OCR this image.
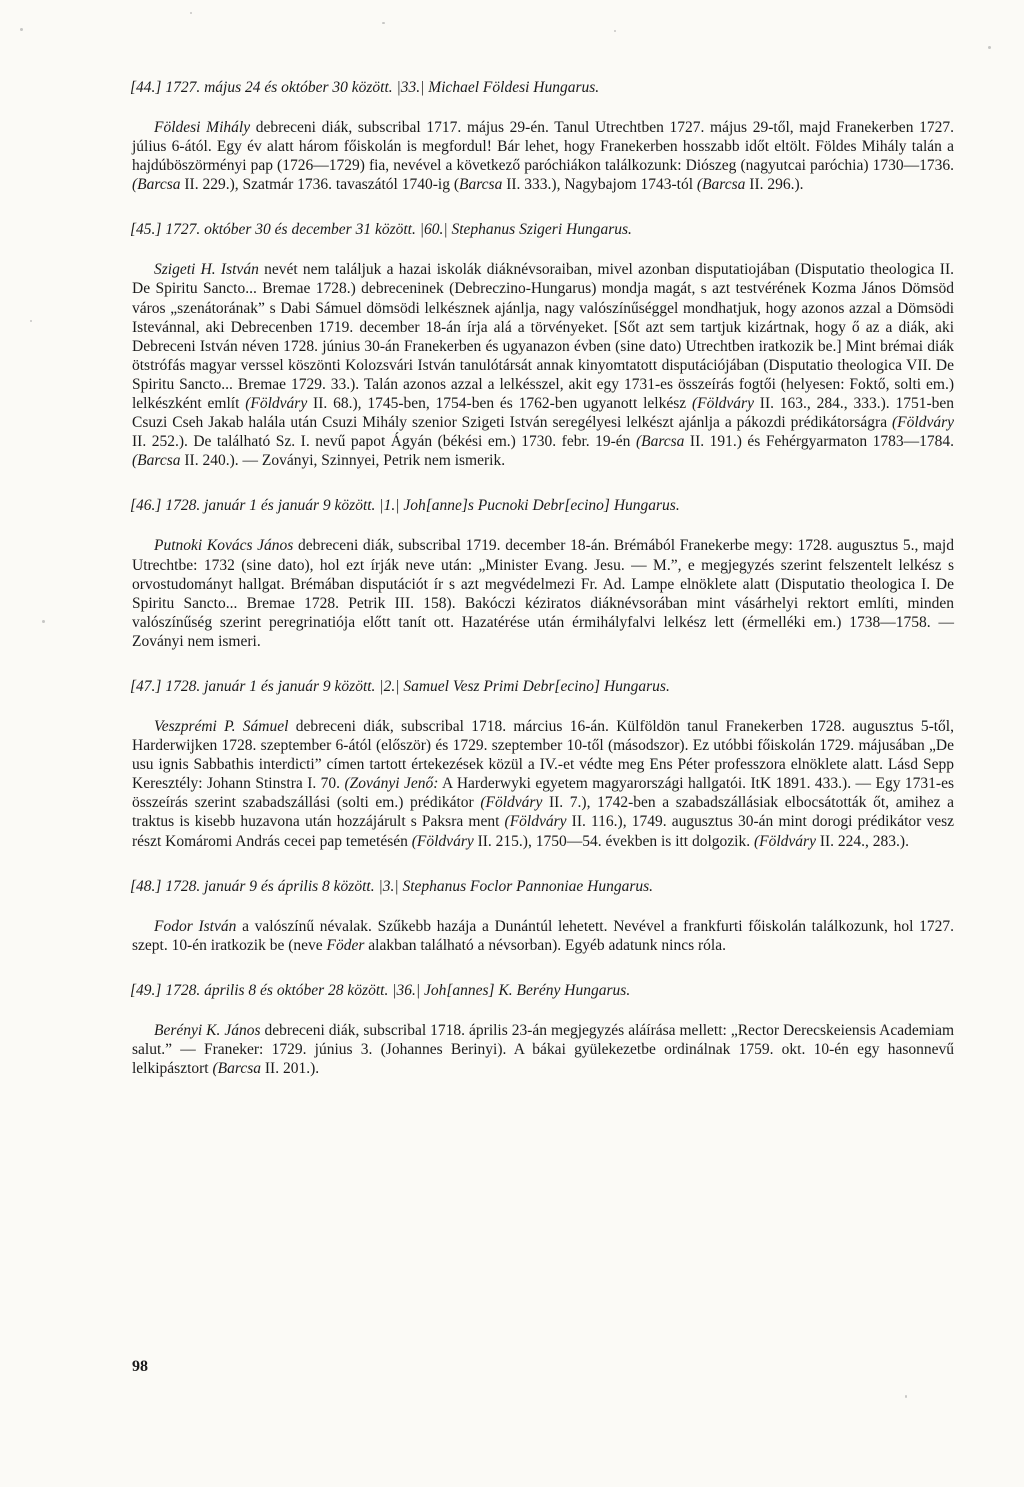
[44.] 1727. május 24 és október 30 között. |33.| Michael Földesi Hungarus.

Földesi Mihály debreceni diák, subscribal 1717. május 29-én. Tanul Utrechtben 1727. május 29-től, majd Franekerben 1727. július 6-ától. Egy év alatt három főiskolán is megfordul! Bár lehet, hogy Franekerben hosszabb időt eltölt. Földes Mihály talán a hajdúböszörményi pap (1726—1729) fia, nevével a következő paróchiákon találkozunk: Diószeg (nagyutcai paróchia) 1730—1736. (Barcsa II. 229.), Szatmár 1736. tavaszától 1740-ig (Barcsa II. 333.), Nagybajom 1743-tól (Barcsa II. 296.).

[45.] 1727. október 30 és december 31 között. |60.| Stephanus Szigeri Hungarus.

Szigeti H. István nevét nem találjuk a hazai iskolák diáknévsoraiban, mivel azonban disputatiojában (Disputatio theologica II. De Spiritu Sancto... Bremae 1728.) debreceninek (Debreczino-Hungarus) mondja magát, s azt testvérének Kozma János Dömsöd város „szenátorának” s Dabi Sámuel dömsödi lelkésznek ajánlja, nagy valószínűséggel mondhatjuk, hogy azonos azzal a Dömsödi Istevánnal, aki Debrecenben 1719. december 18-án írja alá a törvényeket. [Sőt azt sem tartjuk kizártnak, hogy ő az a diák, aki Debreceni István néven 1728. június 30-án Franekerben és ugyanazon évben (sine dato) Utrechtben iratkozik be.] Mint brémai diák ötstrófás magyar verssel köszönti Kolozsvári István tanulótársát annak kinyomtatott disputációjában (Disputatio theologica VII. De Spiritu Sancto... Bremae 1729. 33.). Talán azonos azzal a lelkésszel, akit egy 1731-es összeírás fogtői (helyesen: Foktő, solti em.) lelkészként említ (Földváry II. 68.), 1745-ben, 1754-ben és 1762-ben ugyanott lelkész (Földváry II. 163., 284., 333.). 1751-ben Csuzi Cseh Jakab halála után Csuzi Mihály szenior Szigeti István seregélyesi lelkészt ajánlja a pákozdi prédikátorságra (Földváry II. 252.). De található Sz. I. nevű papot Ágyán (békési em.) 1730. febr. 19-én (Barcsa II. 191.) és Fehérgyarmaton 1783—1784. (Barcsa II. 240.). — Zoványi, Szinnyei, Petrik nem ismerik.

[46.] 1728. január 1 és január 9 között. |1.| Joh[anne]s Pucnoki Debr[ecino] Hungarus.

Putnoki Kovács János debreceni diák, subscribal 1719. december 18-án. Brémából Franekerbe megy: 1728. augusztus 5., majd Utrechtbe: 1732 (sine dato), hol ezt írják neve után: „Minister Evang. Jesu. — M.”, e megjegyzés szerint felszentelt lelkész s orvostudományt hallgat. Brémában disputációt ír s azt megvédelmezi Fr. Ad. Lampe elnöklete alatt (Disputatio theologica I. De Spiritu Sancto... Bremae 1728. Petrik III. 158). Bakóczi kéziratos diáknévsorában mint vásárhelyi rektort említi, minden valószínűség szerint peregrinatiója előtt tanít ott. Hazatérése után érmihályfalvi lelkész lett (érmelléki em.) 1738—1758. — Zoványi nem ismeri.

[47.] 1728. január 1 és január 9 között. |2.| Samuel Vesz Primi Debr[ecino] Hungarus.

Veszprémi P. Sámuel debreceni diák, subscribal 1718. március 16-án. Külföldön tanul Franekerben 1728. augusztus 5-től, Harderwijken 1728. szeptember 6-ától (először) és 1729. szeptember 10-től (másodszor). Ez utóbbi főiskolán 1729. májusában „De usu ignis Sabbathis interdicti” címen tartott értekezések közül a IV.-et védte meg Ens Péter professzora elnöklete alatt. Lásd Sepp Keresztély: Johann Stinstra I. 70. (Zoványi Jenő: A Harderwyki egyetem magyarországi hallgatói. ItK 1891. 433.). — Egy 1731-es összeírás szerint szabadszállási (solti em.) prédikátor (Földváry II. 7.), 1742-ben a szabadszállásiak elbocsátották őt, amihez a traktus is kisebb huzavona után hozzájárult s Paksra ment (Földváry II. 116.), 1749. augusztus 30-án mint dorogi prédikátor vesz részt Komáromi András cecei pap temetésén (Földváry II. 215.), 1750—54. években is itt dolgozik. (Földváry II. 224., 283.).

[48.] 1728. január 9 és április 8 között. |3.| Stephanus Foclor Pannoniae Hungarus.

Fodor István a valószínű névalak. Szűkebb hazája a Dunántúl lehetett. Nevével a frankfurti főiskolán találkozunk, hol 1727. szept. 10-én iratkozik be (neve Föder alakban található a névsorban). Egyéb adatunk nincs róla.

[49.] 1728. április 8 és október 28 között. |36.| Joh[annes] K. Berény Hungarus.

Berényi K. János debreceni diák, subscribal 1718. április 23-án megjegyzés aláírása mellett: „Rector Derecskeiensis Academiam salut.” — Franeker: 1729. június 3. (Johannes Berinyi). A bákai gyülekezetbe ordinálnak 1759. okt. 10-én egy hasonnevű lelkipásztort (Barcsa II. 201.).

98
